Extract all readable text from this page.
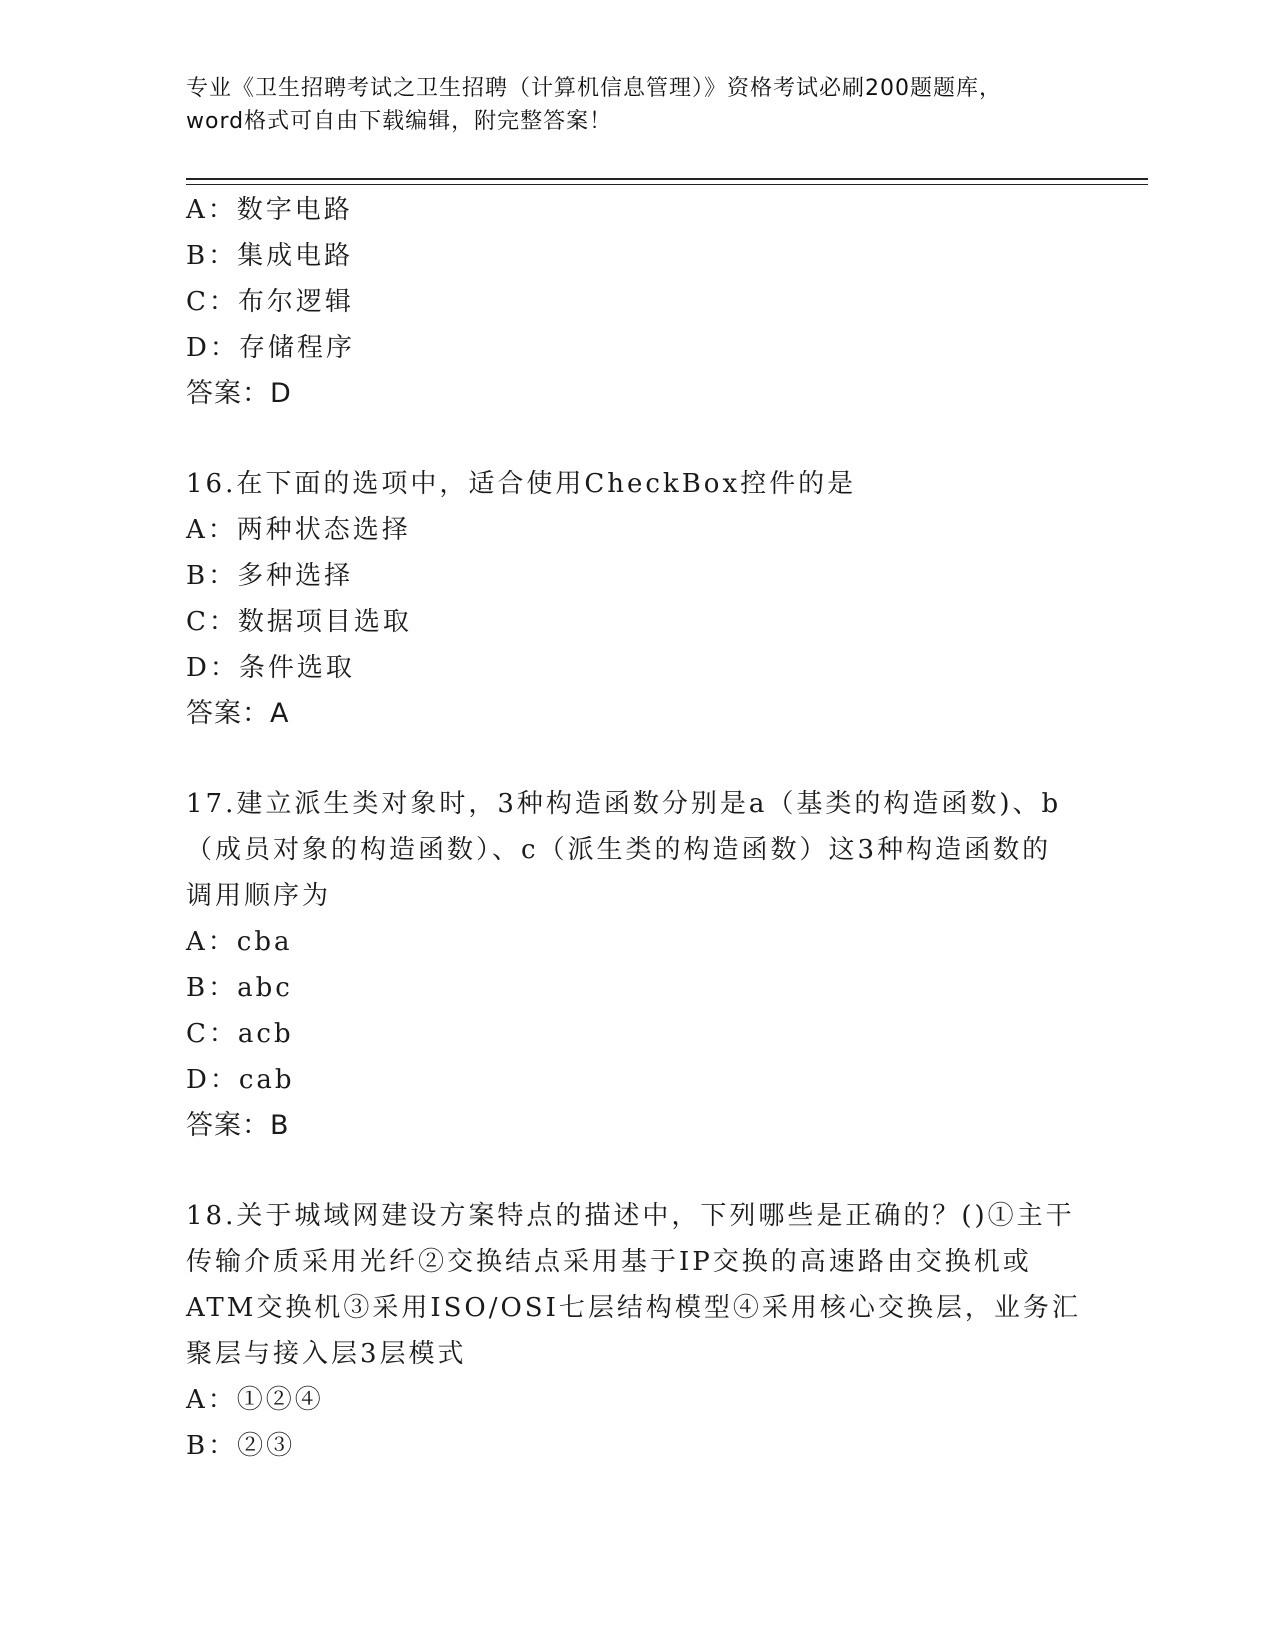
专业《卫生招聘考试之卫生招聘（计算机信息管理）》资格考试必刷200题题库，
word格式可自由下载编辑，附完整答案！
A：数字电路
B：集成电路
C：布尔逻辑
D：存储程序
答案：D
16.在下面的选项中，适合使用CheckBox控件的是
A：两种状态选择
B：多种选择
C：数据项目选取
D：条件选取
答案：A
17.建立派生类对象时，3种构造函数分别是a（基类的构造函数)、b
（成员对象的构造函数）、c（派生类的构造函数）这3种构造函数的
调用顺序为
A：cba
B：abc
C：acb
D：cab
答案：B
18.关于城域网建设方案特点的描述中，下列哪些是正确的？()①主干
传输介质采用光纤②交换结点采用基于IP交换的高速路由交换机或
ATM交换机③采用ISO/OSI七层结构模型④采用核心交换层，业务汇
聚层与接入层3层模式
A：①②④
B：②③
